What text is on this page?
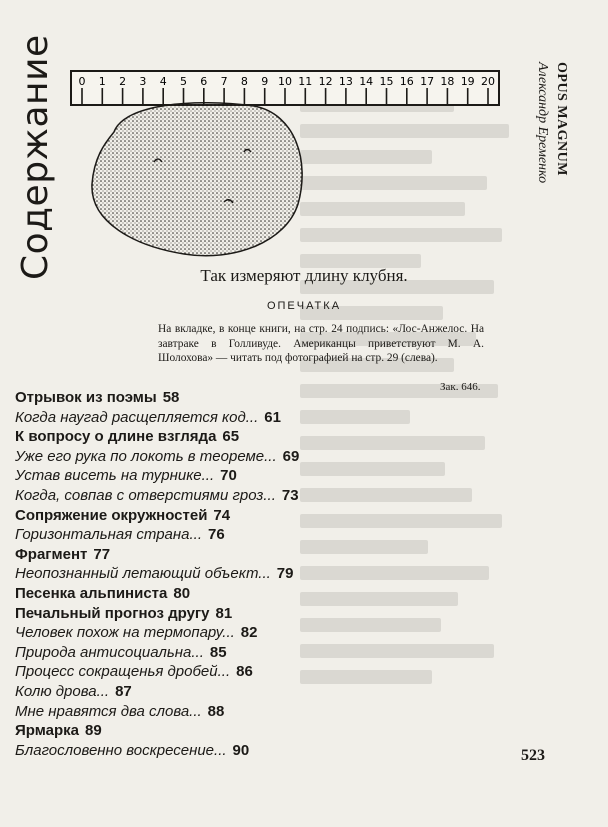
Содержание	OPUS MAGNUM
Александр Еременко
0 1 2 3 4 5 6 7 8 9 10 11 12 13 14 15 16 17 18 19 20
Так измеряют длину клубня.
ОПЕЧАТКА
На вкладке, в конце книги, на стр. 24 подпись: «Лос-Анжелос. На завтраке в Голливуде. Американцы приветствуют М. А. Шолохова» — читать под фотографией на стр. 29 (слева).
Зак. 646.
Отрывок из поэмы 58
Когда наугад расщепляется код... 61
К вопросу о длине взгляда 65
Уже его рука по локоть в теореме... 69
Устав висеть на турнике... 70
Когда, совпав с отверстиями гроз... 73
Сопряжение окружностей 74
Горизонтальная страна... 76
Фрагмент 77
Неопознанный летающий объект... 79
Песенка альпиниста 80
Печальный прогноз другу 81
Человек похож на термопару... 82
Природа антисоциальна... 85
Процесс сокращенья дробей... 86
Колю дрова... 87
Мне нравятся два слова... 88
Ярмарка 89
Благословенно воскресение... 90	523
